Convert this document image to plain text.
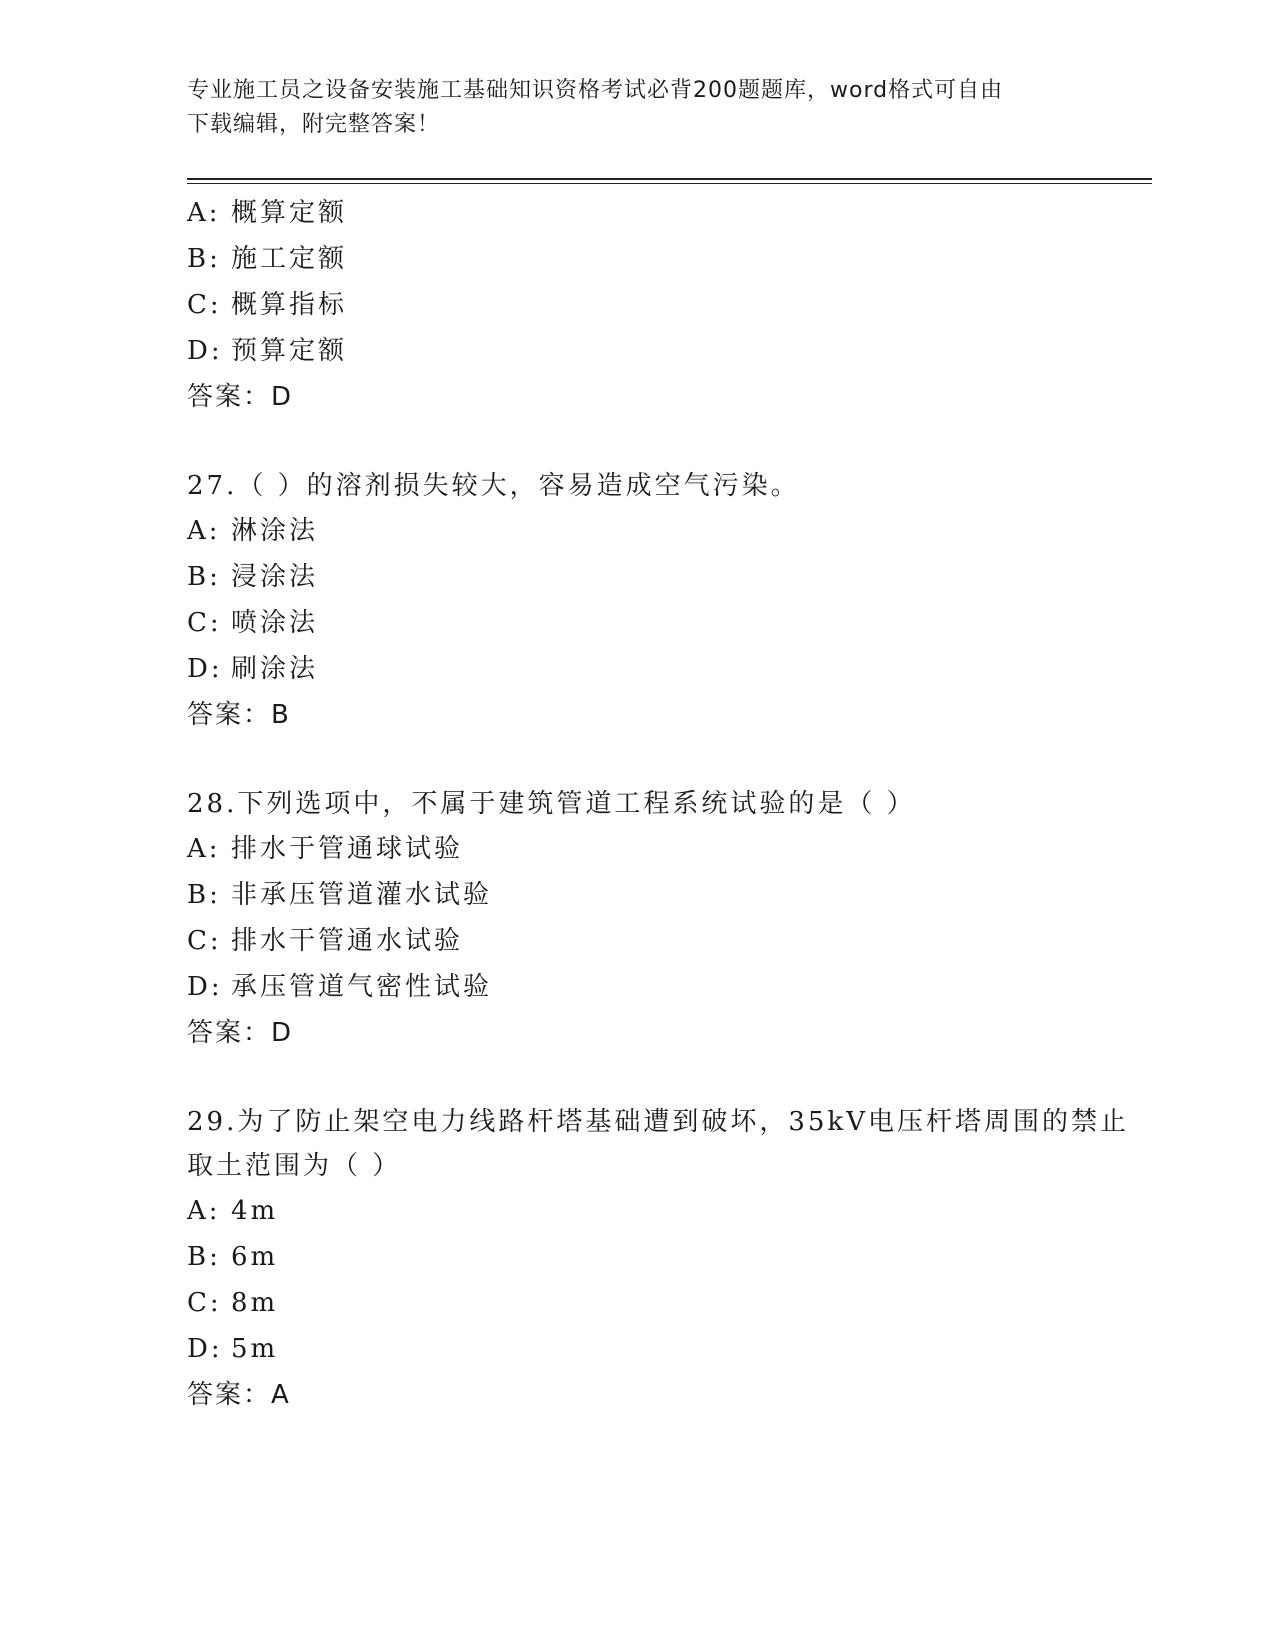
专业施工员之设备安装施工基础知识资格考试必背200题题库，word格式可自由
下载编辑，附完整答案！
A: 概算定额
B: 施工定额
C: 概算指标
D: 预算定额
答案：D
27.（ ）的溶剂损失较大，容易造成空气污染。
A: 淋涂法
B: 浸涂法
C: 喷涂法
D: 刷涂法
答案：B
28.下列选项中，不属于建筑管道工程系统试验的是（ ）
A: 排水于管通球试验
B: 非承压管道灌水试验
C: 排水干管通水试验
D: 承压管道气密性试验
答案：D
29.为了防止架空电力线路杆塔基础遭到破坏，35kV电压杆塔周围的禁止取土范围为（ ）
A: 4m
B: 6m
C: 8m
D: 5m
答案：A
